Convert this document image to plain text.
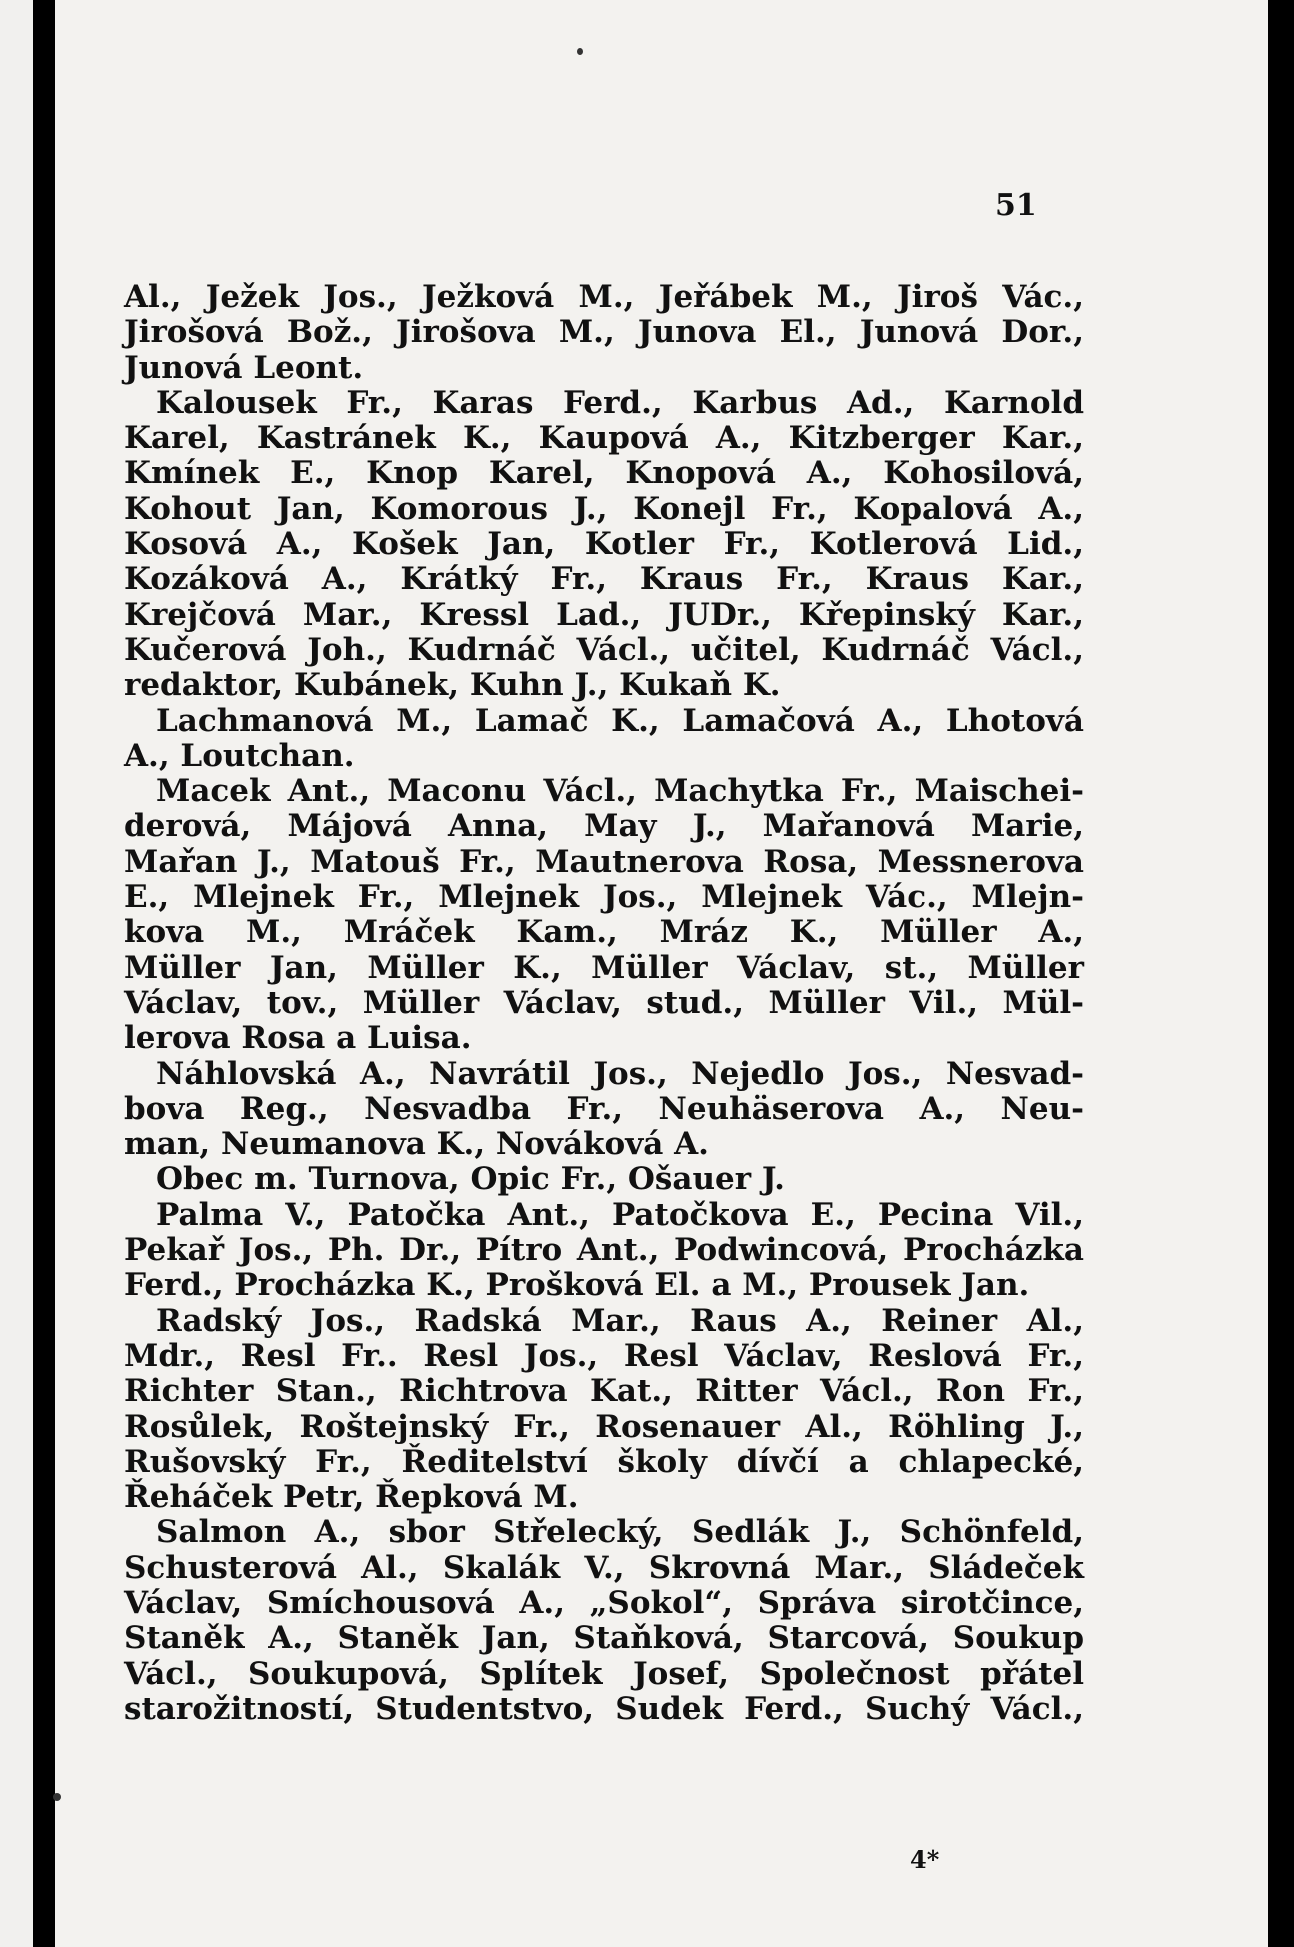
51
Al., Ježek Jos., Ježková M., Jeřábek M., Jiroš Vác.,
Jirošová Bož., Jirošova M., Junova El., Junová Dor.,
Junová Leont.
Kalousek Fr., Karas Ferd., Karbus Ad., Karnold
Karel, Kastránek K., Kaupová A., Kitzberger Kar.,
Kmínek E., Knop Karel, Knopová A., Kohosilová,
Kohout Jan, Komorous J., Konejl Fr., Kopalová A.,
Kosová A., Košek Jan, Kotler Fr., Kotlerová Lid.,
Kozáková A., Krátký Fr., Kraus Fr., Kraus Kar.,
Krejčová Mar., Kressl Lad., JUDr., Křepinský Kar.,
Kučerová Joh., Kudrnáč Václ., učitel, Kudrnáč Václ.,
redaktor, Kubánek, Kuhn J., Kukaň K.
Lachmanová M., Lamač K., Lamačová A., Lhotová
A., Loutchan.
Macek Ant., Maconu Václ., Machytka Fr., Maischei-
derová, Májová Anna, May J., Mařanová Marie,
Mařan J., Matouš Fr., Mautnerova Rosa, Messnerova
E., Mlejnek Fr., Mlejnek Jos., Mlejnek Vác., Mlejn-
kova M., Mráček Kam., Mráz K., Müller A.,
Müller Jan, Müller K., Müller Václav, st., Müller
Václav, tov., Müller Václav, stud., Müller Vil., Mül-
lerova Rosa a Luisa.
Náhlovská A., Navrátil Jos., Nejedlo Jos., Nesvad-
bova Reg., Nesvadba Fr., Neuhäserova A., Neu-
man, Neumanova K., Nováková A.
Obec m. Turnova, Opic Fr., Ošauer J.
Palma V., Patočka Ant., Patočkova E., Pecina Vil.,
Pekař Jos., Ph. Dr., Pítro Ant., Podwincová, Procházka
Ferd., Procházka K., Prošková El. a M., Prousek Jan.
Radský Jos., Radská Mar., Raus A., Reiner Al.,
Mdr., Resl Fr.. Resl Jos., Resl Václav, Reslová Fr.,
Richter Stan., Richtrova Kat., Ritter Václ., Ron Fr.,
Rosůlek, Roštejnský Fr., Rosenauer Al., Röhling J.,
Rušovský Fr., Ředitelství školy dívčí a chlapecké,
Řeháček Petr, Řepková M.
Salmon A., sbor Střelecký, Sedlák J., Schönfeld,
Schusterová Al., Skalák V., Skrovná Mar., Sládeček
Václav, Smíchousová A., „Sokol“, Správa sirotčince,
Staněk A., Staněk Jan, Staňková, Starcová, Soukup
Václ., Soukupová, Splítek Josef, Společnost přátel
starožitností, Studentstvo, Sudek Ferd., Suchý Václ.,
4*
